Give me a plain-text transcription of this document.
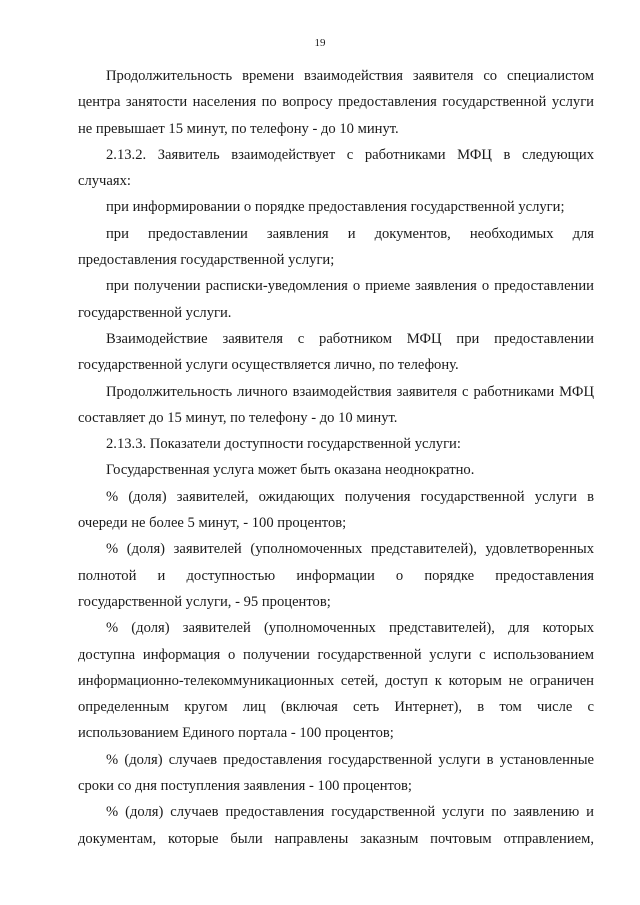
19

Продолжительность времени взаимодействия заявителя со специалистом центра занятости населения по вопросу предоставления государственной услуги не превышает 15 минут, по телефону - до 10 минут.

2.13.2. Заявитель взаимодействует с работниками МФЦ в следующих случаях:

при информировании о порядке предоставления государственной услуги;

при предоставлении заявления и документов, необходимых для предоставления государственной услуги;

при получении расписки-уведомления о приеме заявления о предоставлении государственной услуги.

Взаимодействие заявителя с работником МФЦ при предоставлении государственной услуги осуществляется лично, по телефону.

Продолжительность личного взаимодействия заявителя с работниками МФЦ составляет до 15 минут, по телефону - до 10 минут.

2.13.3. Показатели доступности государственной услуги:

Государственная услуга может быть оказана неоднократно.

% (доля) заявителей, ожидающих получения государственной услуги в очереди не более 5 минут, - 100 процентов;

% (доля) заявителей (уполномоченных представителей), удовлетворенных полнотой и доступностью информации о порядке предоставления государственной услуги, - 95 процентов;

% (доля) заявителей (уполномоченных представителей), для которых доступна информация о получении государственной услуги с использованием информационно-телекоммуникационных сетей, доступ к которым не ограничен определенным кругом лиц (включая сеть Интернет), в том числе с использованием Единого портала - 100 процентов;

% (доля) случаев предоставления государственной услуги в установленные сроки со дня поступления заявления - 100 процентов;

% (доля) случаев предоставления государственной услуги по заявлению и документам, которые были направлены заказным почтовым отправлением,
